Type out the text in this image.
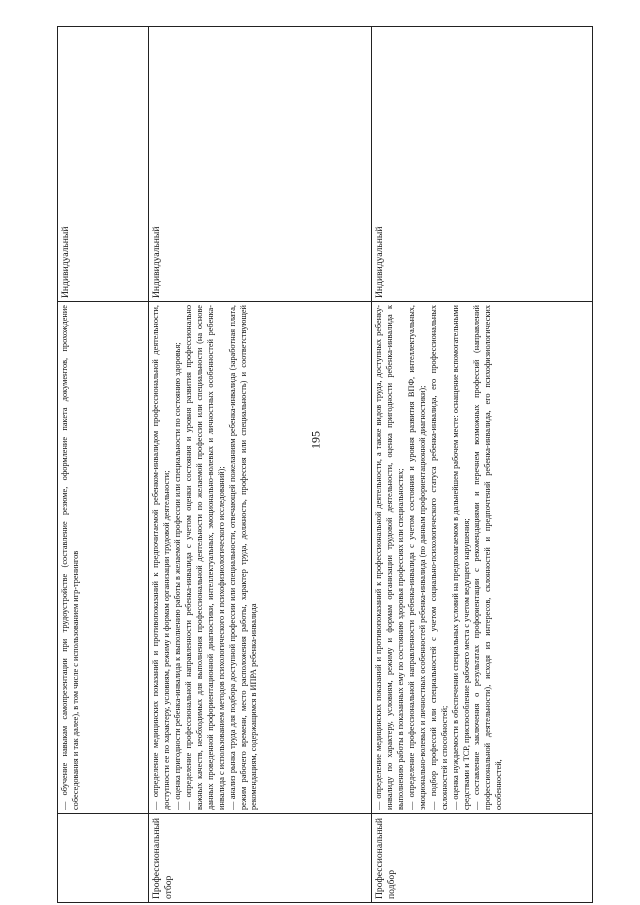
195

	— обучение навыкам самопрезентации при трудоустройстве (составление резюме, оформление пакета документов, прохождение собеседования и так далее), в том числе с использованием игр-тренингов	Индивидуальный
Профессиональный отбор	— определение медицинских показаний и противопоказаний к предпочитаемой ребенком-инвалидом профессиональной деятельности, доступности ее по характеру, условиям, режиму и формам организации трудовой деятельности; — оценка пригодности ребенка-инвалида к выполнению работы в желаемой профессии или специальности по состоянию здоровья; — определение профессиональной направленности ребенка-инвалида с учетом оценки состояния и уровня развития профессионально важных качеств, необходимых для выполнения профессиональной деятельности по желаемой профессии или специальности (на основе данных проведенной профориентационной диагностики, интеллектуальных, эмоционально-волевых и личностных особенностей ребенка-инвалида с использованием методов психологического и психофизиологического исследований); — анализ рынка труда для подбора доступной профессии или специальности, отвечающей пожеланиям ребенка-инвалида (заработная плата, режим рабочего времени, место расположения работы, характер труда, должность, профессия или специальность) и соответствующей рекомендациям, содержащимся в ИПРА ребенка-инвалида	Индивидуальный
Профессиональный подбор	— определение медицинских показаний и противопоказаний к профессиональной деятельности, а также видов труда, доступных ребенку-инвалиду по характеру, условиям, режиму и формам организации трудовой деятельности, оценка пригодности ребенка-инвалида к выполнению работы в показанных ему по состоянию здоровья профессиях или специальностях; — определение профессиональной направленности ребенка-инвалида с учетом состояния и уровня развития ВПФ, интеллектуальных, эмоционально-волевых и личностных особенностей ребенка-инвалида (по данным профориентационной диагностики); — подбор профессий или специальностей с учетом социально-психологического статуса ребенка-инвалида, его профессиональных склонностей и способностей; — оценка нуждаемости в обеспечении специальных условий на предполагаемом в дальнейшем рабочем месте: оснащение вспомогательными средствами и ТСР, приспособление рабочего места с учетом ведущего нарушения; — составление заключения о результатах профориентации с рекомендациями и перечнем возможных профессий (направлений профессиональной деятельности), исходя из интересов, склонностей и предпочтений ребенка-инвалида, его психофизиологических особенностей,	Индивидуальный
